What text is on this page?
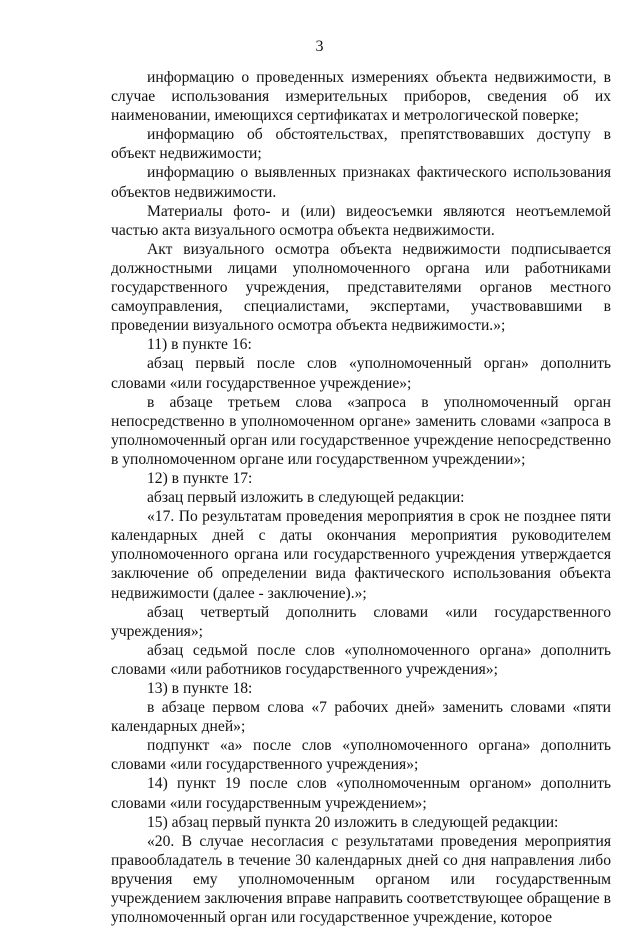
3

информацию о проведенных измерениях объекта недвижимости, в случае использования измерительных приборов, сведения об их наименовании, имеющихся сертификатах и метрологической поверке;

информацию об обстоятельствах, препятствовавших доступу в объект недвижимости;

информацию о выявленных признаках фактического использования объектов недвижимости.

Материалы фото- и (или) видеосъемки являются неотъемлемой частью акта визуального осмотра объекта недвижимости.

Акт визуального осмотра объекта недвижимости подписывается должностными лицами уполномоченного органа или работниками государственного учреждения, представителями органов местного самоуправления, специалистами, экспертами, участвовавшими в проведении визуального осмотра объекта недвижимости.»;

11) в пункте 16:

абзац первый после слов «уполномоченный орган» дополнить словами «или государственное учреждение»;

в абзаце третьем слова «запроса в уполномоченный орган непосредственно в уполномоченном органе» заменить словами «запроса в уполномоченный орган или государственное учреждение непосредственно в уполномоченном органе или государственном учреждении»;

12) в пункте 17:

абзац первый изложить в следующей редакции:

«17. По результатам проведения мероприятия в срок не позднее пяти календарных дней с даты окончания мероприятия руководителем уполномоченного органа или государственного учреждения утверждается заключение об определении вида фактического использования объекта недвижимости (далее - заключение).»;

абзац четвертый дополнить словами «или государственного учреждения»;

абзац седьмой после слов «уполномоченного органа» дополнить словами «или работников государственного учреждения»;

13) в пункте 18:

в абзаце первом слова «7 рабочих дней» заменить словами «пяти календарных дней»;

подпункт «а» после слов «уполномоченного органа» дополнить словами «или государственного учреждения»;

14) пункт 19 после слов «уполномоченным органом» дополнить словами «или государственным учреждением»;

15) абзац первый пункта 20 изложить в следующей редакции:

«20. В случае несогласия с результатами проведения мероприятия правообладатель в течение 30 календарных дней со дня направления либо вручения ему уполномоченным органом или государственным учреждением заключения вправе направить соответствующее обращение в уполномоченный орган или государственное учреждение, которое
